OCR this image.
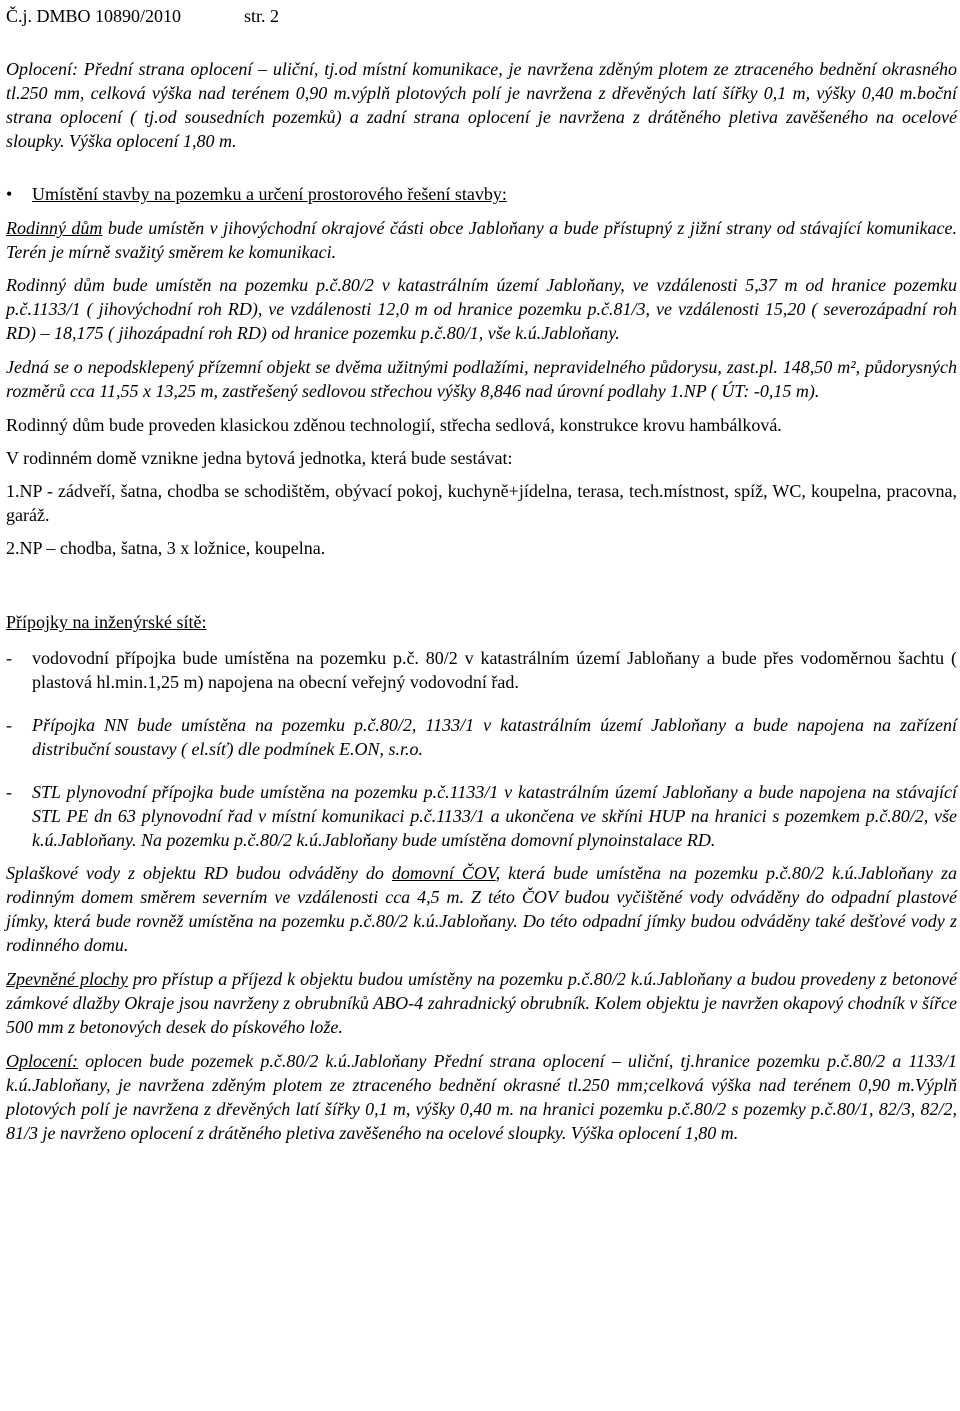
Č.j. DMBO 10890/2010	str. 2

Oplocení: Přední strana oplocení – uliční, tj.od místní komunikace, je navržena zděným plotem ze ztraceného bednění okrasného tl.250 mm, celková výška nad terénem 0,90 m.výplň plotových polí je navržena z dřevěných latí šířky 0,1 m, výšky 0,40 m.boční strana oplocení ( tj.od sousedních pozemků) a zadní strana oplocení je navržena z drátěného pletiva zavěšeného na ocelové sloupky. Výška oplocení 1,80 m.

• Umístění stavby na pozemku a určení prostorového řešení stavby:

Rodinný dům bude umístěn v jihovýchodní okrajové části obce Jabloňany a bude přístupný z jižní strany od stávající komunikace. Terén je mírně svažitý směrem ke komunikaci.

Rodinný dům bude umístěn na pozemku p.č.80/2 v katastrálním území Jabloňany, ve vzdálenosti 5,37 m od hranice pozemku p.č.1133/1 ( jihovýchodní roh RD), ve vzdálenosti 12,0 m od hranice pozemku p.č.81/3, ve vzdálenosti 15,20 ( severozápadní roh RD) – 18,175 ( jihozápadní roh RD) od hranice pozemku p.č.80/1, vše k.ú.Jabloňany.

Jedná se o nepodsklepený přízemní objekt se dvěma užitnými podlažími, nepravidelného půdorysu, zast.pl. 148,50 m², půdorysných rozměrů cca 11,55 x 13,25 m, zastřešený sedlovou střechou výšky 8,846 nad úrovní podlahy 1.NP ( ÚT: -0,15 m).

Rodinný dům bude proveden klasickou zděnou technologií, střecha sedlová, konstrukce krovu hambálková.

V rodinném domě vznikne jedna bytová jednotka, která bude sestávat:

1.NP - zádveří, šatna, chodba se schodištěm, obývací pokoj, kuchyně+jídelna, terasa, tech.místnost, spíž, WC, koupelna, pracovna, garáž.

2.NP – chodba, šatna, 3 x ložnice, koupelna.

Přípojky na inženýrské sítě:
- vodovodní přípojka bude umístěna na pozemku p.č. 80/2 v katastrálním území Jabloňany a bude přes vodoměrnou šachtu ( plastová hl.min.1,25 m) napojena na obecní veřejný vodovodní řad.
- Přípojka NN bude umístěna na pozemku p.č.80/2, 1133/1 v katastrálním území Jabloňany a bude napojena na zařízení distribuční soustavy ( el.síť) dle podmínek E.ON, s.r.o.
- STL plynovodní přípojka bude umístěna na pozemku p.č.1133/1 v katastrálním území Jabloňany a bude napojena na stávající STL PE dn 63 plynovodní řad v místní komunikaci p.č.1133/1 a ukončena ve skříni HUP na hranici s pozemkem p.č.80/2, vše k.ú.Jabloňany. Na pozemku p.č.80/2 k.ú.Jabloňany bude umístěna domovní plynoinstalace RD.

Splaškové vody z objektu RD budou odváděny do domovní ČOV, která bude umístěna na pozemku p.č.80/2 k.ú.Jabloňany za rodinným domem směrem severním ve vzdálenosti cca 4,5 m. Z této ČOV budou vyčištěné vody odváděny do odpadní plastové jímky, která bude rovněž umístěna na pozemku p.č.80/2 k.ú.Jabloňany. Do této odpadní jímky budou odváděny také dešťové vody z rodinného domu.

Zpevněné plochy pro přístup a příjezd k objektu budou umístěny na pozemku p.č.80/2 k.ú.Jabloňany a budou provedeny z betonové zámkové dlažby Okraje jsou navrženy z obrubníků ABO-4 zahradnický obrubník. Kolem objektu je navržen okapový chodník v šířce 500 mm z betonových desek do pískového lože.

Oplocení: oplocen bude pozemek p.č.80/2 k.ú.Jabloňany Přední strana oplocení – uliční, tj.hranice pozemku p.č.80/2 a 1133/1 k.ú.Jabloňany, je navržena zděným plotem ze ztraceného bednění okrasné tl.250 mm;celková výška nad terénem 0,90 m.Výplň plotových polí je navržena z dřevěných latí šířky 0,1 m, výšky 0,40 m. na hranici pozemku p.č.80/2 s pozemky p.č.80/1, 82/3, 82/2, 81/3 je navrženo oplocení z drátěného pletiva zavěšeného na ocelové sloupky. Výška oplocení 1,80 m.
